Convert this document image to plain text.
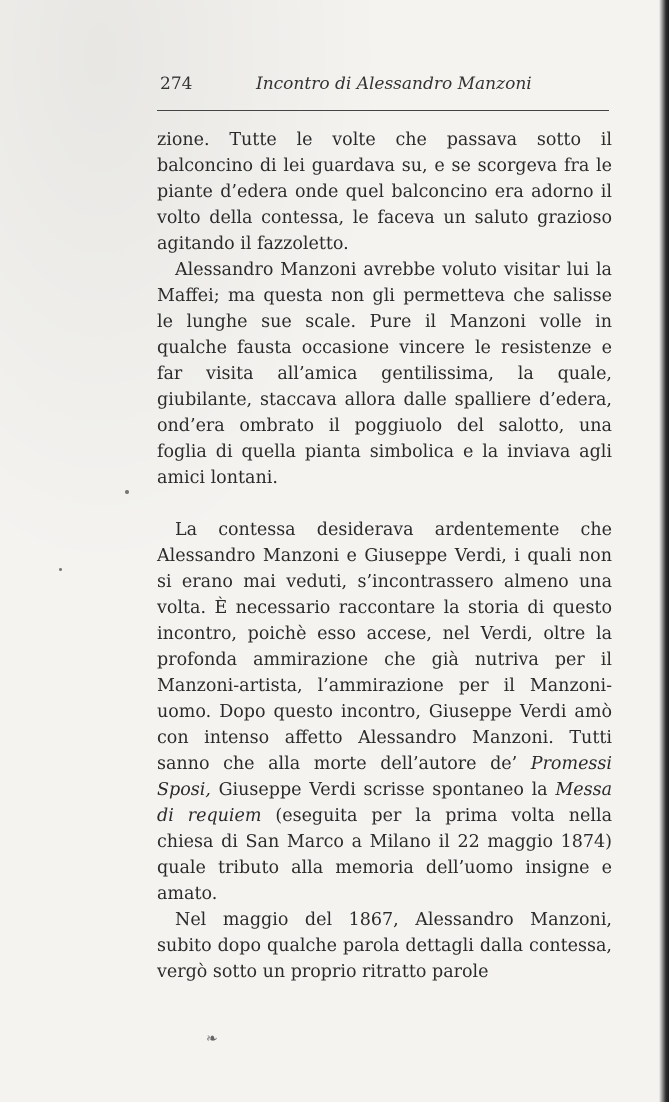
274	Incontro di Alessandro Manzoni

zione. Tutte le volte che passava sotto il balconcino di lei guardava su, e se scorgeva fra le piante d’edera onde quel balconcino era adorno il volto della contessa, le faceva un saluto grazioso agitando il fazzoletto.

Alessandro Manzoni avrebbe voluto visitar lui la Maffei; ma questa non gli permetteva che salisse le lunghe sue scale. Pure il Manzoni volle in qualche fausta occasione vincere le resistenze e far visita all’amica gentilissima, la quale, giubilante, staccava allora dalle spalliere d’edera, ond’era ombrato il poggiuolo del salotto, una foglia di quella pianta simbolica e la inviava agli amici lontani.

La contessa desiderava ardentemente che Alessandro Manzoni e Giuseppe Verdi, i quali non si erano mai veduti, s’incontrassero almeno una volta. È necessario raccontare la storia di questo incontro, poichè esso accese, nel Verdi, oltre la profonda ammirazione che già nutriva per il Manzoni-artista, l’ammirazione per il Manzoni-uomo. Dopo questo incontro, Giuseppe Verdi amò con intenso affetto Alessandro Manzoni. Tutti sanno che alla morte dell’autore de’ Promessi Sposi, Giuseppe Verdi scrisse spontaneo la Messa di requiem (eseguita per la prima volta nella chiesa di San Marco a Milano il 22 maggio 1874) quale tributo alla memoria dell’uomo insigne e amato.

Nel maggio del 1867, Alessandro Manzoni, subito dopo qualche parola dettagli dalla contessa, vergò sotto un proprio ritratto parole

❧
